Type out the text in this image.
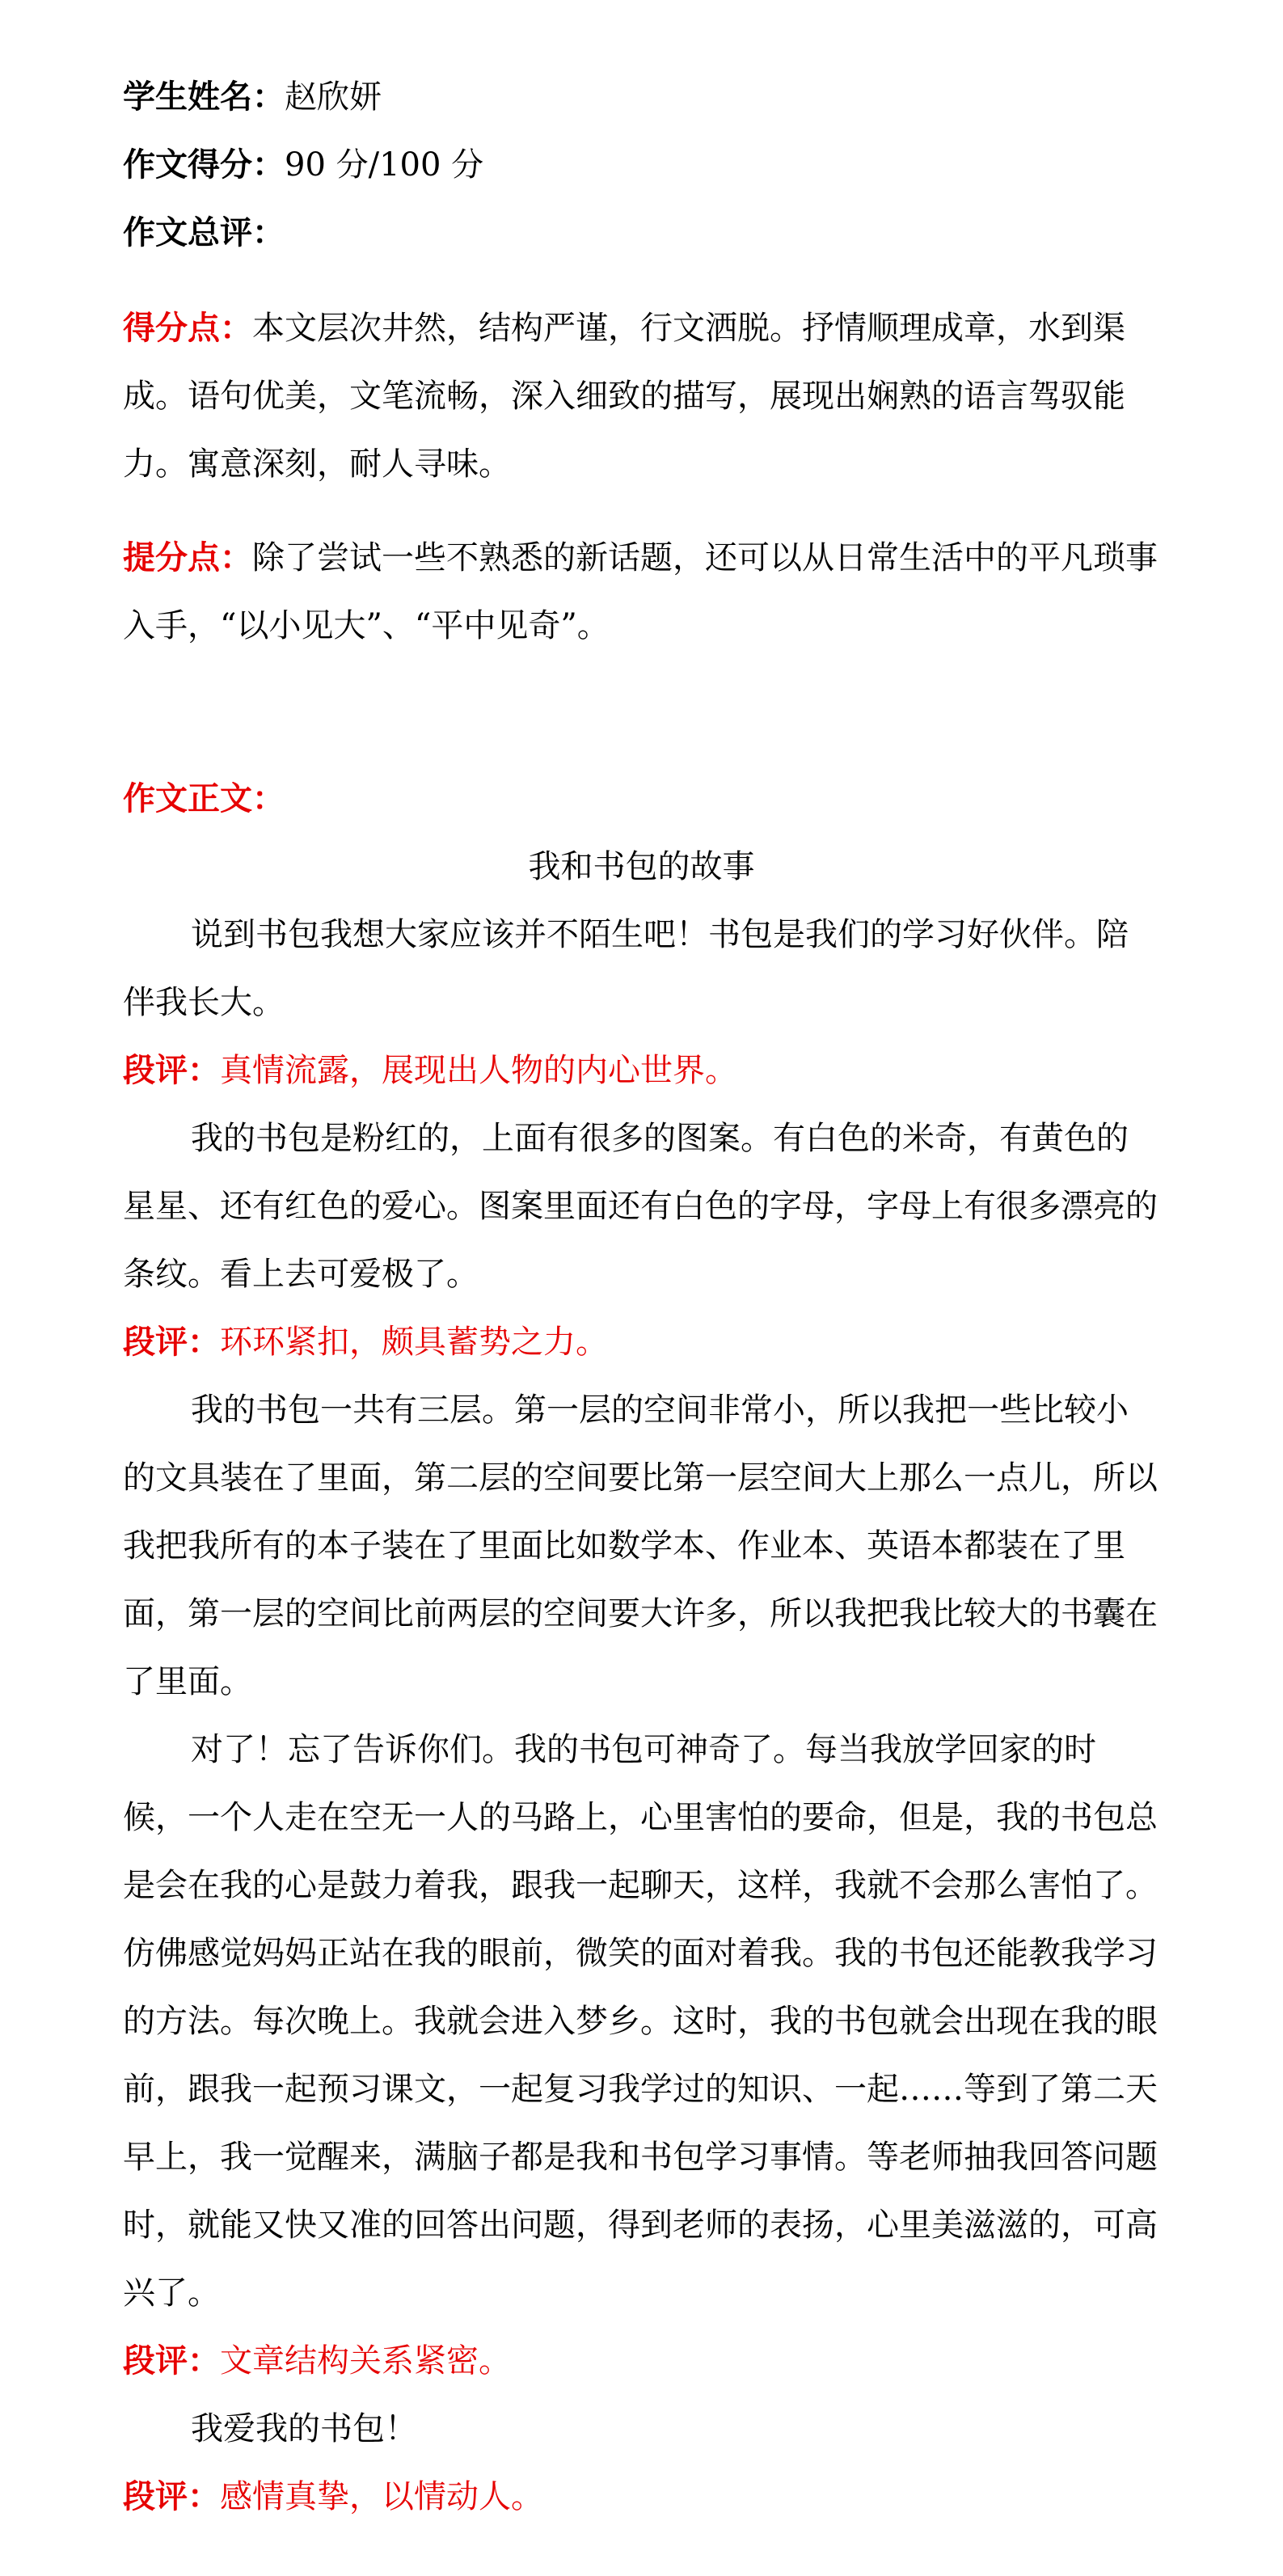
学生姓名：赵欣妍

作文得分：90 分/100 分

作文总评：

得分点：本文层次井然，结构严谨，行文洒脱。抒情顺理成章，水到渠成。语句优美，文笔流畅，深入细致的描写，展现出娴熟的语言驾驭能力。寓意深刻，耐人寻味。

提分点：除了尝试一些不熟悉的新话题，还可以从日常生活中的平凡琐事入手，“以小见大”、“平中见奇”。

作文正文：

我和书包的故事

说到书包我想大家应该并不陌生吧！书包是我们的学习好伙伴。陪伴我长大。

段评：真情流露，展现出人物的内心世界。

我的书包是粉红的，上面有很多的图案。有白色的米奇，有黄色的星星、还有红色的爱心。图案里面还有白色的字母，字母上有很多漂亮的条纹。看上去可爱极了。

段评：环环紧扣，颇具蓄势之力。

我的书包一共有三层。第一层的空间非常小，所以我把一些比较小的文具装在了里面，第二层的空间要比第一层空间大上那么一点儿，所以我把我所有的本子装在了里面比如数学本、作业本、英语本都装在了里面，第一层的空间比前两层的空间要大许多，所以我把我比较大的书囊在了里面。

对了！忘了告诉你们。我的书包可神奇了。每当我放学回家的时候，一个人走在空无一人的马路上，心里害怕的要命，但是，我的书包总是会在我的心是鼓力着我，跟我一起聊天，这样，我就不会那么害怕了。仿佛感觉妈妈正站在我的眼前，微笑的面对着我。我的书包还能教我学习的方法。每次晚上。我就会进入梦乡。这时，我的书包就会出现在我的眼前，跟我一起预习课文，一起复习我学过的知识、一起……等到了第二天早上，我一觉醒来，满脑子都是我和书包学习事情。等老师抽我回答问题时，就能又快又准的回答出问题，得到老师的表扬，心里美滋滋的，可高兴了。

段评：文章结构关系紧密。

我爱我的书包！

段评：感情真挚，以情动人。
